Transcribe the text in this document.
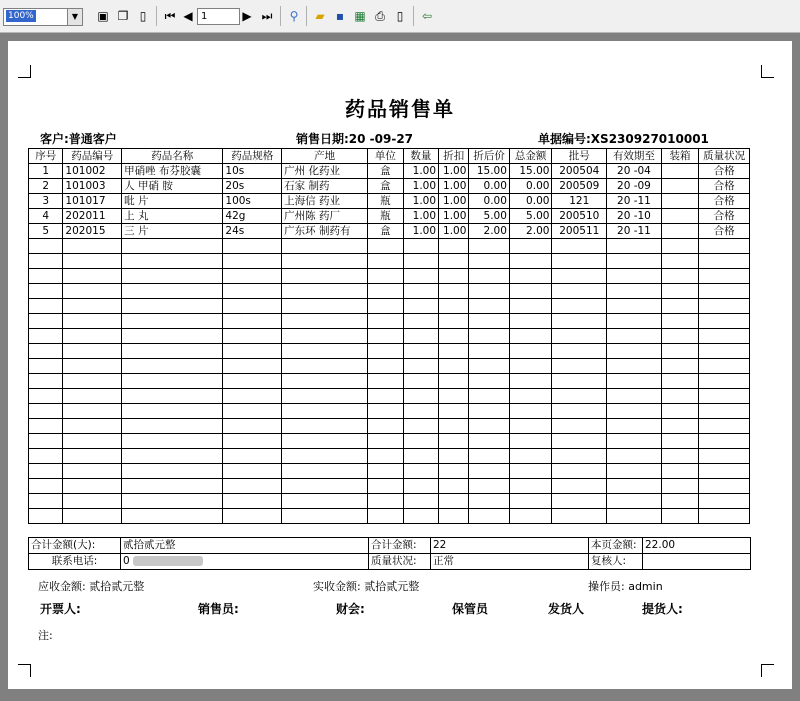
100%	▼	▣ ❐ ▯	⏮ ◀ 1	▶ ⏭	⚲	▰ ▪ ▦ ⎙ ▯	⇦
药品销售单
客户:普通客户	销售日期:20 -09-27	单据编号:XS230927010001
序号	药品编号	药品名称	药品规格	产地	单位	数量	折扣	折后价	总金额	批号	有效期至	装箱	质量状况
1	101002	甲硝唑 布芬胶囊	10s	广州 化药业	盒	1.00	1.00	15.00	15.00	200504	20 -04		合格
2	101003	人 甲硝 胺	20s	石家 制药	盒	1.00	1.00	0.00	0.00	200509	20 -09		合格
3	101017	吡 片	100s	上海信 药业	瓶	1.00	1.00	0.00	0.00	121	20 -11		合格
4	202011	上 丸	42g	广州陈 药厂	瓶	1.00	1.00	5.00	5.00	200510	20 -10		合格
5	202015	三 片	24s	广东环 制药有	盒	1.00	1.00	2.00	2.00	200511	20 -11		合格

合计金额(大):	贰拾贰元整	合计金额:	22	本页金额:	22.00
联系电话:	0	质量状况:	正常	复核人:	
应收金额: 贰拾贰元整	实收金额: 贰拾贰元整	操作员: admin
开票人:	销售员:	财会:	保管员	发货人	提货人:
注:
